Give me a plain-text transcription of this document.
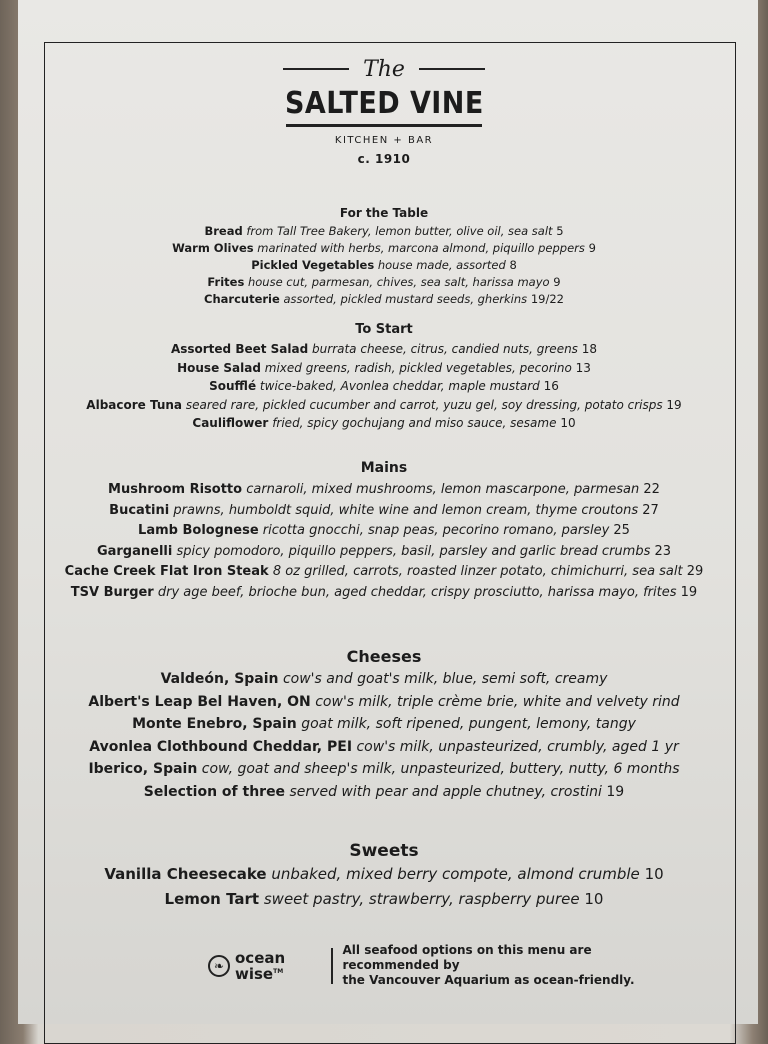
The
SALTED VINE
KITCHEN + BAR
c. 1910
For the Table
Bread from Tall Tree Bakery, lemon butter, olive oil, sea salt 5
Warm Olives marinated with herbs, marcona almond, piquillo peppers 9
Pickled Vegetables house made, assorted 8
Frites house cut, parmesan, chives, sea salt, harissa mayo 9
Charcuterie assorted, pickled mustard seeds, gherkins 19/22
To Start
Assorted Beet Salad burrata cheese, citrus, candied nuts, greens 18
House Salad mixed greens, radish, pickled vegetables, pecorino 13
Soufflé twice-baked, Avonlea cheddar, maple mustard 16
Albacore Tuna seared rare, pickled cucumber and carrot, yuzu gel, soy dressing, potato crisps 19
Cauliflower fried, spicy gochujang and miso sauce, sesame 10
Mains
Mushroom Risotto carnaroli, mixed mushrooms, lemon mascarpone, parmesan 22
Bucatini prawns, humboldt squid, white wine and lemon cream, thyme croutons 27
Lamb Bolognese ricotta gnocchi, snap peas, pecorino romano, parsley 25
Garganelli spicy pomodoro, piquillo peppers, basil, parsley and garlic bread crumbs 23
Cache Creek Flat Iron Steak 8 oz grilled, carrots, roasted linzer potato, chimichurri, sea salt 29
TSV Burger dry age beef, brioche bun, aged cheddar, crispy prosciutto, harissa mayo, frites 19
Cheeses
Valdeón, Spain cow's and goat's milk, blue, semi soft, creamy
Albert's Leap Bel Haven, ON cow's milk, triple crème brie, white and velvety rind
Monte Enebro, Spain goat milk, soft ripened, pungent, lemony, tangy
Avonlea Clothbound Cheddar, PEI cow's milk, unpasteurized, crumbly, aged 1 yr
Iberico, Spain cow, goat and sheep's milk, unpasteurized, buttery, nutty, 6 months
Selection of three served with pear and apple chutney, crostini 19
Sweets
Vanilla Cheesecake unbaked, mixed berry compote, almond crumble 10
Lemon Tart sweet pastry, strawberry, raspberry puree 10
❧ ocean
wise™
All seafood options on this menu are recommended by
the Vancouver Aquarium as ocean-friendly.
